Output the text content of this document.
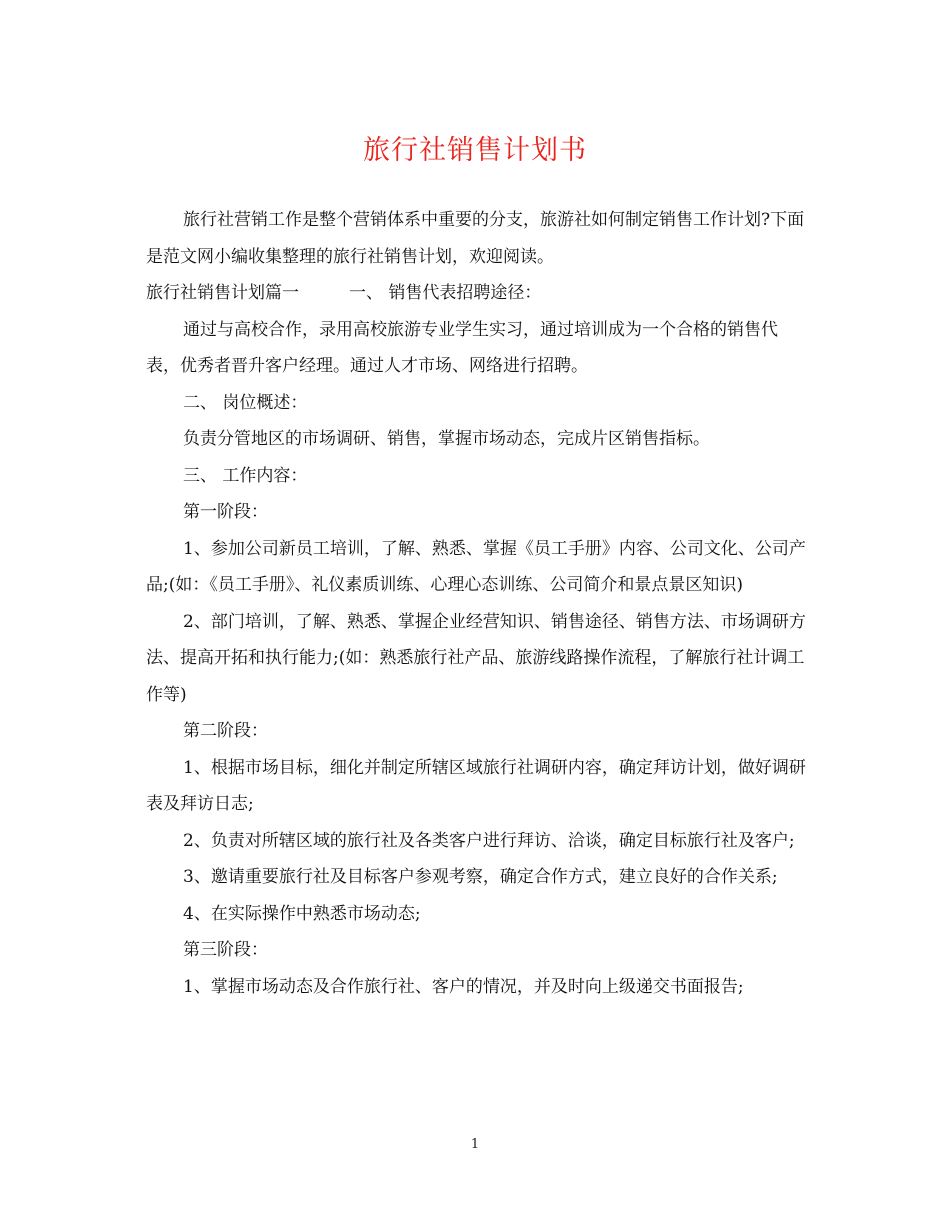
旅行社销售计划书

旅行社营销工作是整个营销体系中重要的分支，旅游社如何制定销售工作计划?下面是范文网小编收集整理的旅行社销售计划，欢迎阅读。

旅行社销售计划篇一	一、 销售代表招聘途径：

通过与高校合作，录用高校旅游专业学生实习，通过培训成为一个合格的销售代表，优秀者晋升客户经理。通过人才市场、网络进行招聘。

二、 岗位概述：

负责分管地区的市场调研、销售，掌握市场动态，完成片区销售指标。

三、 工作内容：

第一阶段：

1、参加公司新员工培训，了解、熟悉、掌握《员工手册》内容、公司文化、公司产品;(如：《员工手册》、礼仪素质训练、心理心态训练、公司简介和景点景区知识)

2、部门培训，了解、熟悉、掌握企业经营知识、销售途径、销售方法、市场调研方法、提高开拓和执行能力;(如：熟悉旅行社产品、旅游线路操作流程，了解旅行社计调工作等)

第二阶段：

1、根据市场目标，细化并制定所辖区域旅行社调研内容，确定拜访计划，做好调研表及拜访日志;

2、负责对所辖区域的旅行社及各类客户进行拜访、洽谈，确定目标旅行社及客户;

3、邀请重要旅行社及目标客户参观考察，确定合作方式，建立良好的合作关系;

4、在实际操作中熟悉市场动态;

第三阶段：

1、掌握市场动态及合作旅行社、客户的情况，并及时向上级递交书面报告;

1
